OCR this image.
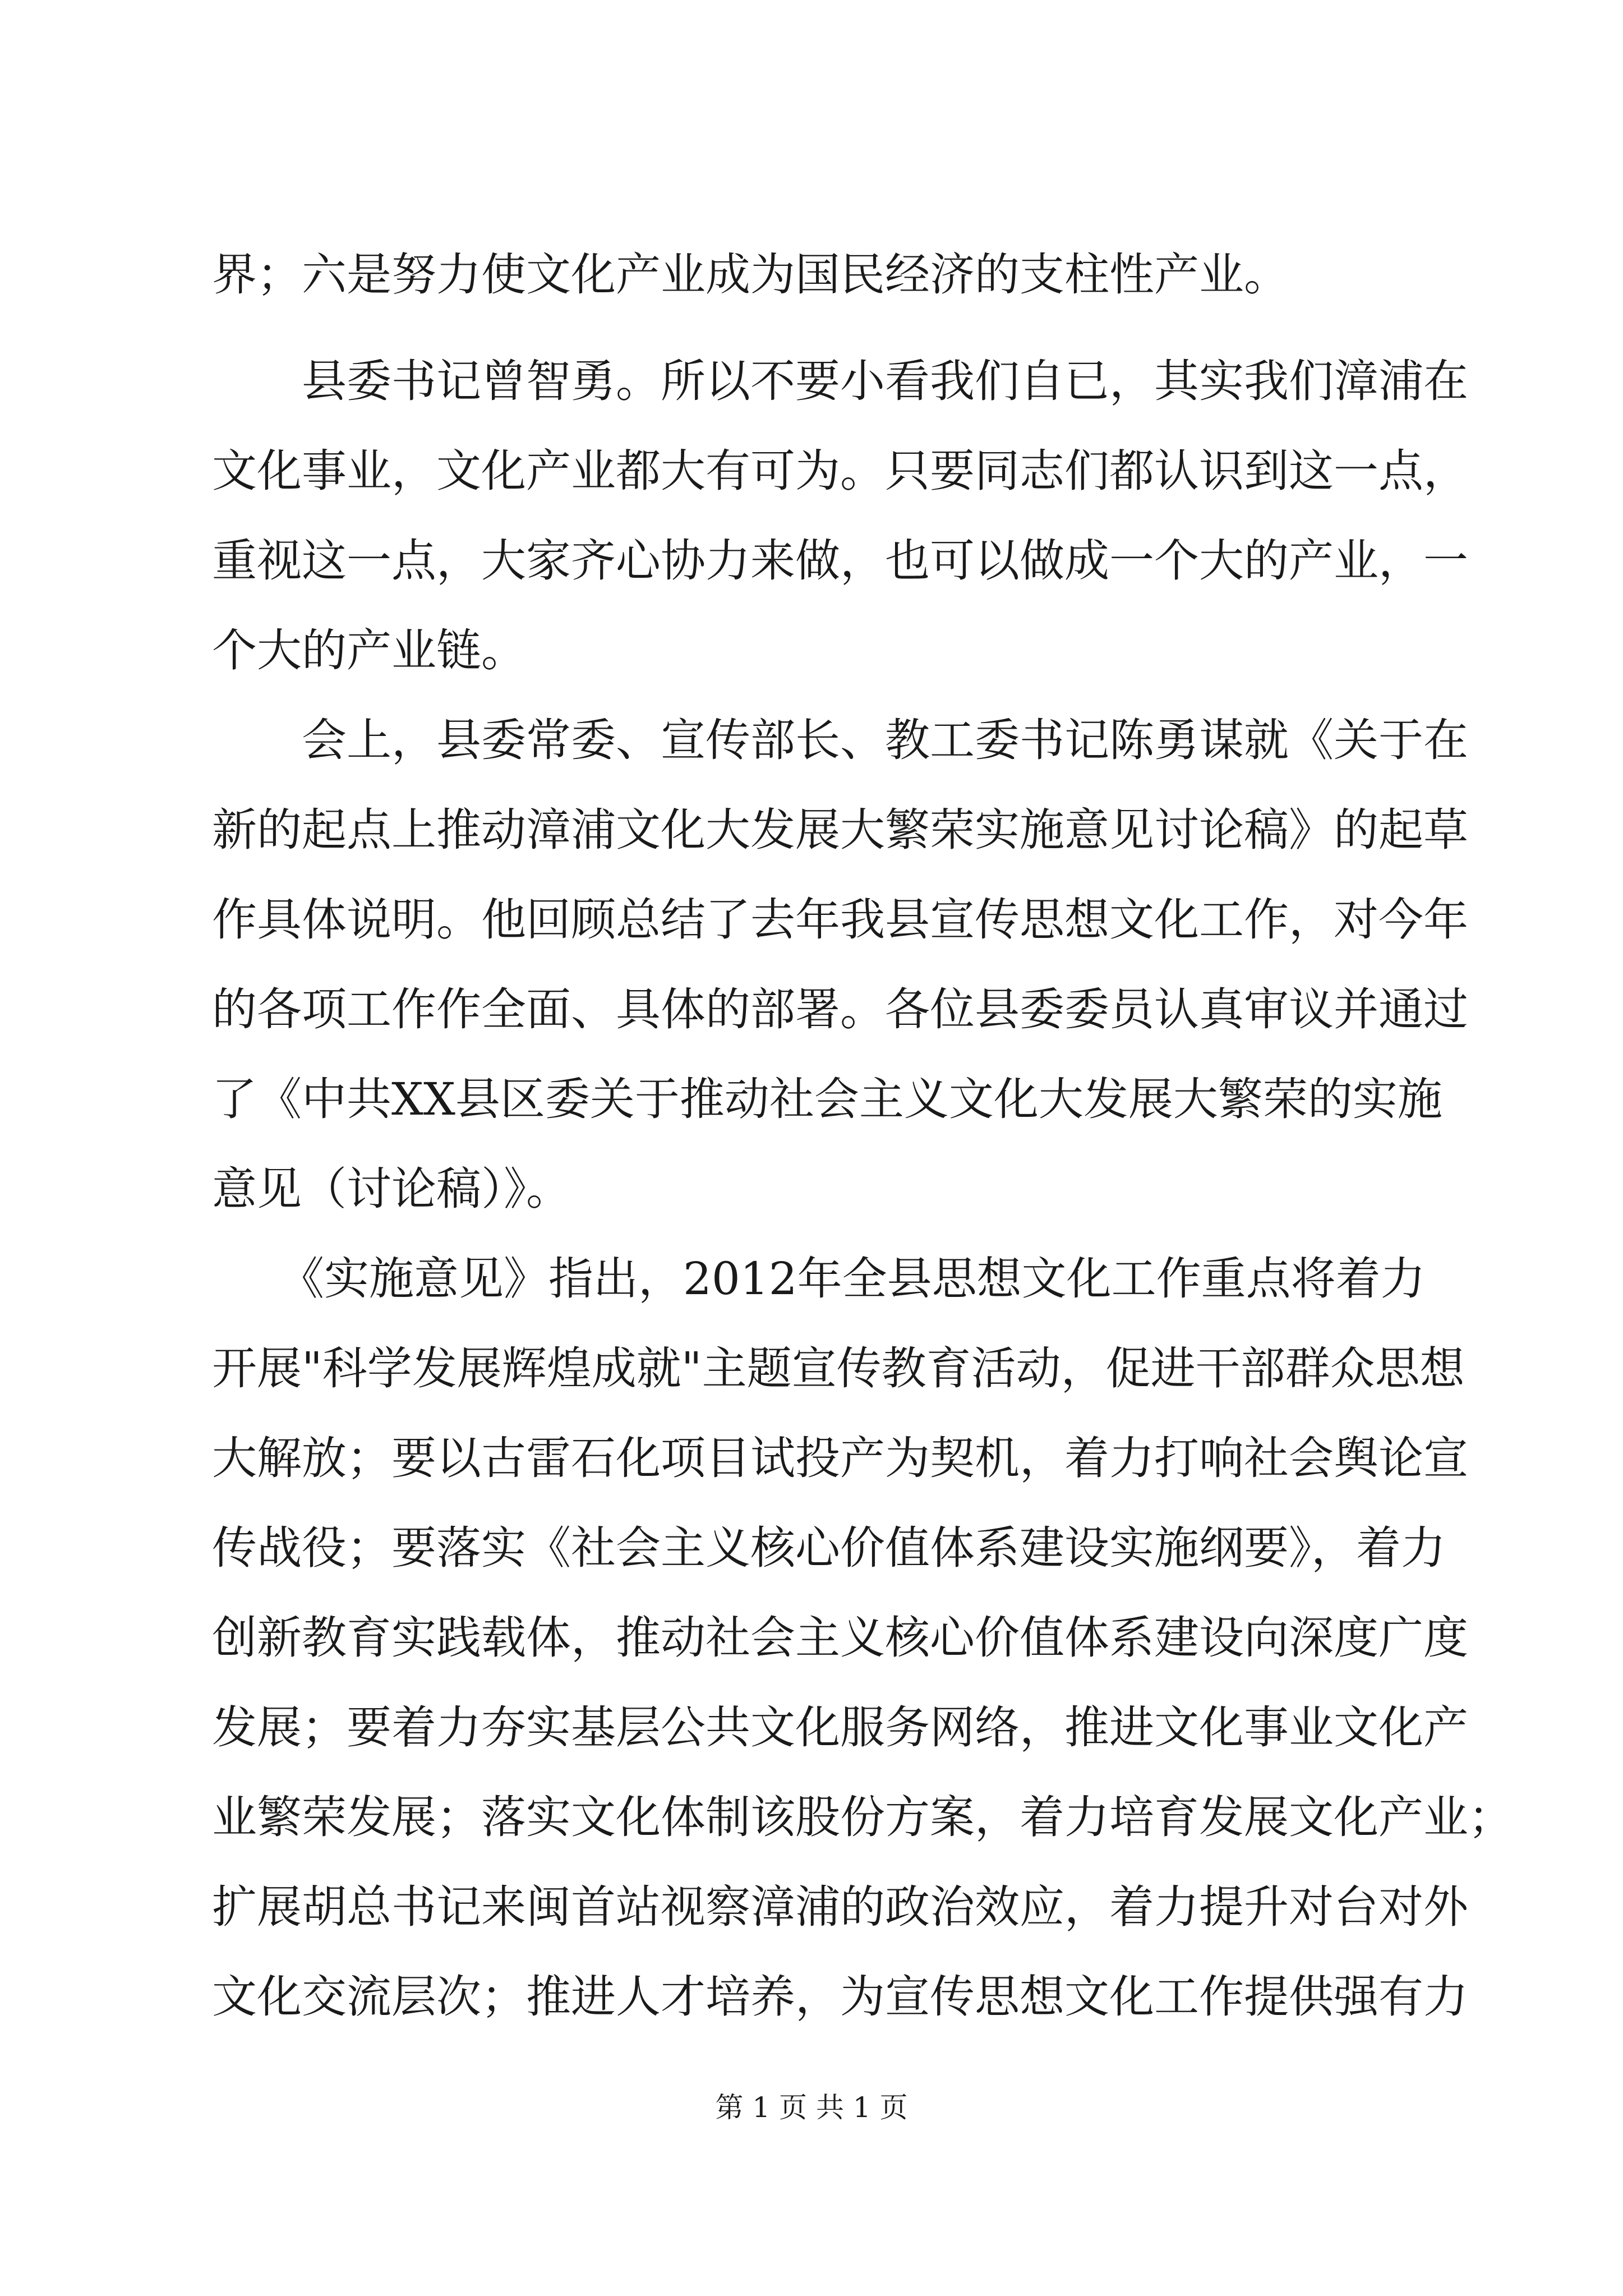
界；六是努力使文化产业成为国民经济的支柱性产业。
　　县委书记曾智勇。所以不要小看我们自已，其实我们漳浦在
文化事业，文化产业都大有可为。只要同志们都认识到这一点，
重视这一点，大家齐心协力来做，也可以做成一个大的产业，一
个大的产业链。
　　会上，县委常委、宣传部长、教工委书记陈勇谋就《关于在
新的起点上推动漳浦文化大发展大繁荣实施意见讨论稿》的起草
作具体说明。他回顾总结了去年我县宣传思想文化工作，对今年
的各项工作作全面、具体的部署。各位县委委员认真审议并通过
了《中共XX县区委关于推动社会主义文化大发展大繁荣的实施
意见（讨论稿）》。
　　《实施意见》指出，2012年全县思想文化工作重点将着力
开展"科学发展辉煌成就"主题宣传教育活动，促进干部群众思想
大解放；要以古雷石化项目试投产为契机，着力打响社会舆论宣
传战役；要落实《社会主义核心价值体系建设实施纲要》，着力
创新教育实践载体，推动社会主义核心价值体系建设向深度广度
发展；要着力夯实基层公共文化服务网络，推进文化事业文化产
业繁荣发展；落实文化体制该股份方案，着力培育发展文化产业；
扩展胡总书记来闽首站视察漳浦的政治效应，着力提升对台对外
文化交流层次；推进人才培养，为宣传思想文化工作提供强有力
第 1 页 共 1 页
